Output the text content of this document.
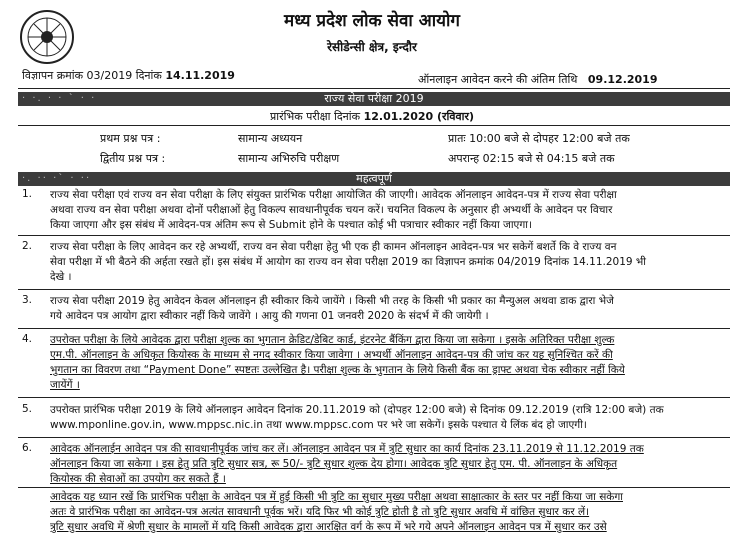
मध्य प्रदेश लोक सेवा आयोग
रेसीडेन्सी क्षेत्र, इन्दौर
विज्ञापन क्रमांक 03/2019 दिनांक 14.11.2019	ऑनलाइन आवेदन करने की अंतिम तिथि 09.12.2019
· ·. · · ` · ·	राज्य सेवा परीक्षा 2019
प्रारंभिक परीक्षा दिनांक 12.01.2020 (रविवार)
प्रथम प्रश्न पत्र :	सामान्य अध्ययन	प्रातः 10:00 बजे से दोपहर 12:00 बजे तक
द्वितीय प्रश्न पत्र :	सामान्य अभिरुचि परीक्षण	अपरान्ह 02:15 बजे से 04:15 बजे तक
·. ·· ·` · ··	महत्वपूर्ण
1. राज्य सेवा परीक्षा एवं राज्य वन सेवा परीक्षा के लिए संयुक्त प्रारंभिक परीक्षा आयोजित की जाएगी। आवेदक ऑनलाइन आवेदन-पत्र में राज्य सेवा परीक्षा
अथवा राज्य वन सेवा परीक्षा अथवा दोनों परीक्षाओं हेतु विकल्प सावधानीपूर्वक चयन करें। चयनित विकल्प के अनुसार ही अभ्यर्थी के आवेदन पर विचार
किया जाएगा और इस संबंध में आवेदन-पत्र अंतिम रूप से Submit होने के पश्चात कोई भी पत्राचार स्वीकार नहीं किया जाएगा।
2. राज्य सेवा परीक्षा के लिए आवेदन कर रहे अभ्यर्थी, राज्य वन सेवा परीक्षा हेतु भी एक ही कामन ऑनलाइन आवेदन-पत्र भर सकेगें बशर्ते कि वे राज्य वन
सेवा परीक्षा में भी बैठने की अर्हता रखते हों। इस संबंध में आयोग का राज्य वन सेवा परीक्षा 2019 का विज्ञापन क्रमांक 04/2019 दिनांक 14.11.2019 भी
देखे ।
3. राज्य सेवा परीक्षा 2019 हेतु आवेदन केवल ऑनलाइन ही स्वीकार किये जायेंगे । किसी भी तरह के किसी भी प्रकार का मैन्युअल अथवा डाक द्वारा भेजे
गये आवेदन पत्र आयोग द्वारा स्वीकार नहीं किये जावेंगे । आयु की गणना 01 जनवरी 2020 के संदर्भ में की जायेगी ।
4. उपरोक्त परीक्षा के लिये आवेदक द्वारा परीक्षा शुल्क का भुगतान क्रेडिट/डेबिट कार्ड, इंटरनेट बैंकिंग द्वारा किया जा सकेगा । इसके अतिरिक्त परीक्षा शुल्क
एम.पी. ऑनलाइन के अधिकृत कियोस्क के माध्यम से नगद स्वीकार किया जावेगा । अभ्यर्थी ऑनलाइन आवेदन-पत्र की जांच कर यह सुनिश्चित करें की
भुगतान का विवरण तथा “Payment Done” स्पष्टतः उल्लेखित है। परीक्षा शुल्क के भुगतान के लिये किसी बैंक का ड्राफ्ट अथवा चेक स्वीकार नहीं किये
जायेंगें ।
5. उपरोक्त प्रारंभिक परीक्षा 2019 के लिये ऑनलाइन आवेदन दिनांक 20.11.2019 को (दोपहर 12:00 बजे) से दिनांक 09.12.2019 (रात्रि 12:00 बजे) तक
www.mponline.gov.in, www.mppsc.nic.in तथा www.mppsc.com पर भरे जा सकेगें। इसके पश्चात ये लिंक बंद हो जाएगी।
6. आवेदक ऑनलाईन आवेदन पत्र की सावधानीपूर्वक जांच कर लें। ऑनलाइन आवेदन पत्र में त्रुटि सुधार का कार्य दिनांक 23.11.2019 से 11.12.2019 तक
ऑनलाइन किया जा सकेगा । इस हेतु प्रति त्रुटि सुधार सत्र, रू 50/- त्रुटि सुधार शुल्क देय होगा। आवेदक त्रुटि सुधार हेतु एम. पी. ऑनलाइन के अधिकृत
कियोस्क की सेवाओं का उपयोग कर सकते हैं ।
आवेदक यह ध्यान रखें कि प्रारंभिक परीक्षा के आवेदन पत्र में हुई किसी भी त्रुटि का सुधार मुख्य परीक्षा अथवा साक्षात्कार के स्तर पर नहीं किया जा सकेगा
अतः वे प्रारंभिक परीक्षा का आवेदन-पत्र अत्यंत सावधानी पूर्वक भरें। यदि फिर भी कोई त्रुटि होती है तो त्रुटि सुधार अवधि में वांछित सुधार कर लें।
त्रुटि सुधार अवधि में श्रेणी सुधार के मामलों में यदि किसी आवेदक द्वारा आरक्षित वर्ग के रूप में भरे गये अपने ऑनलाइन आवेदन पत्र में सुधार कर उसे
